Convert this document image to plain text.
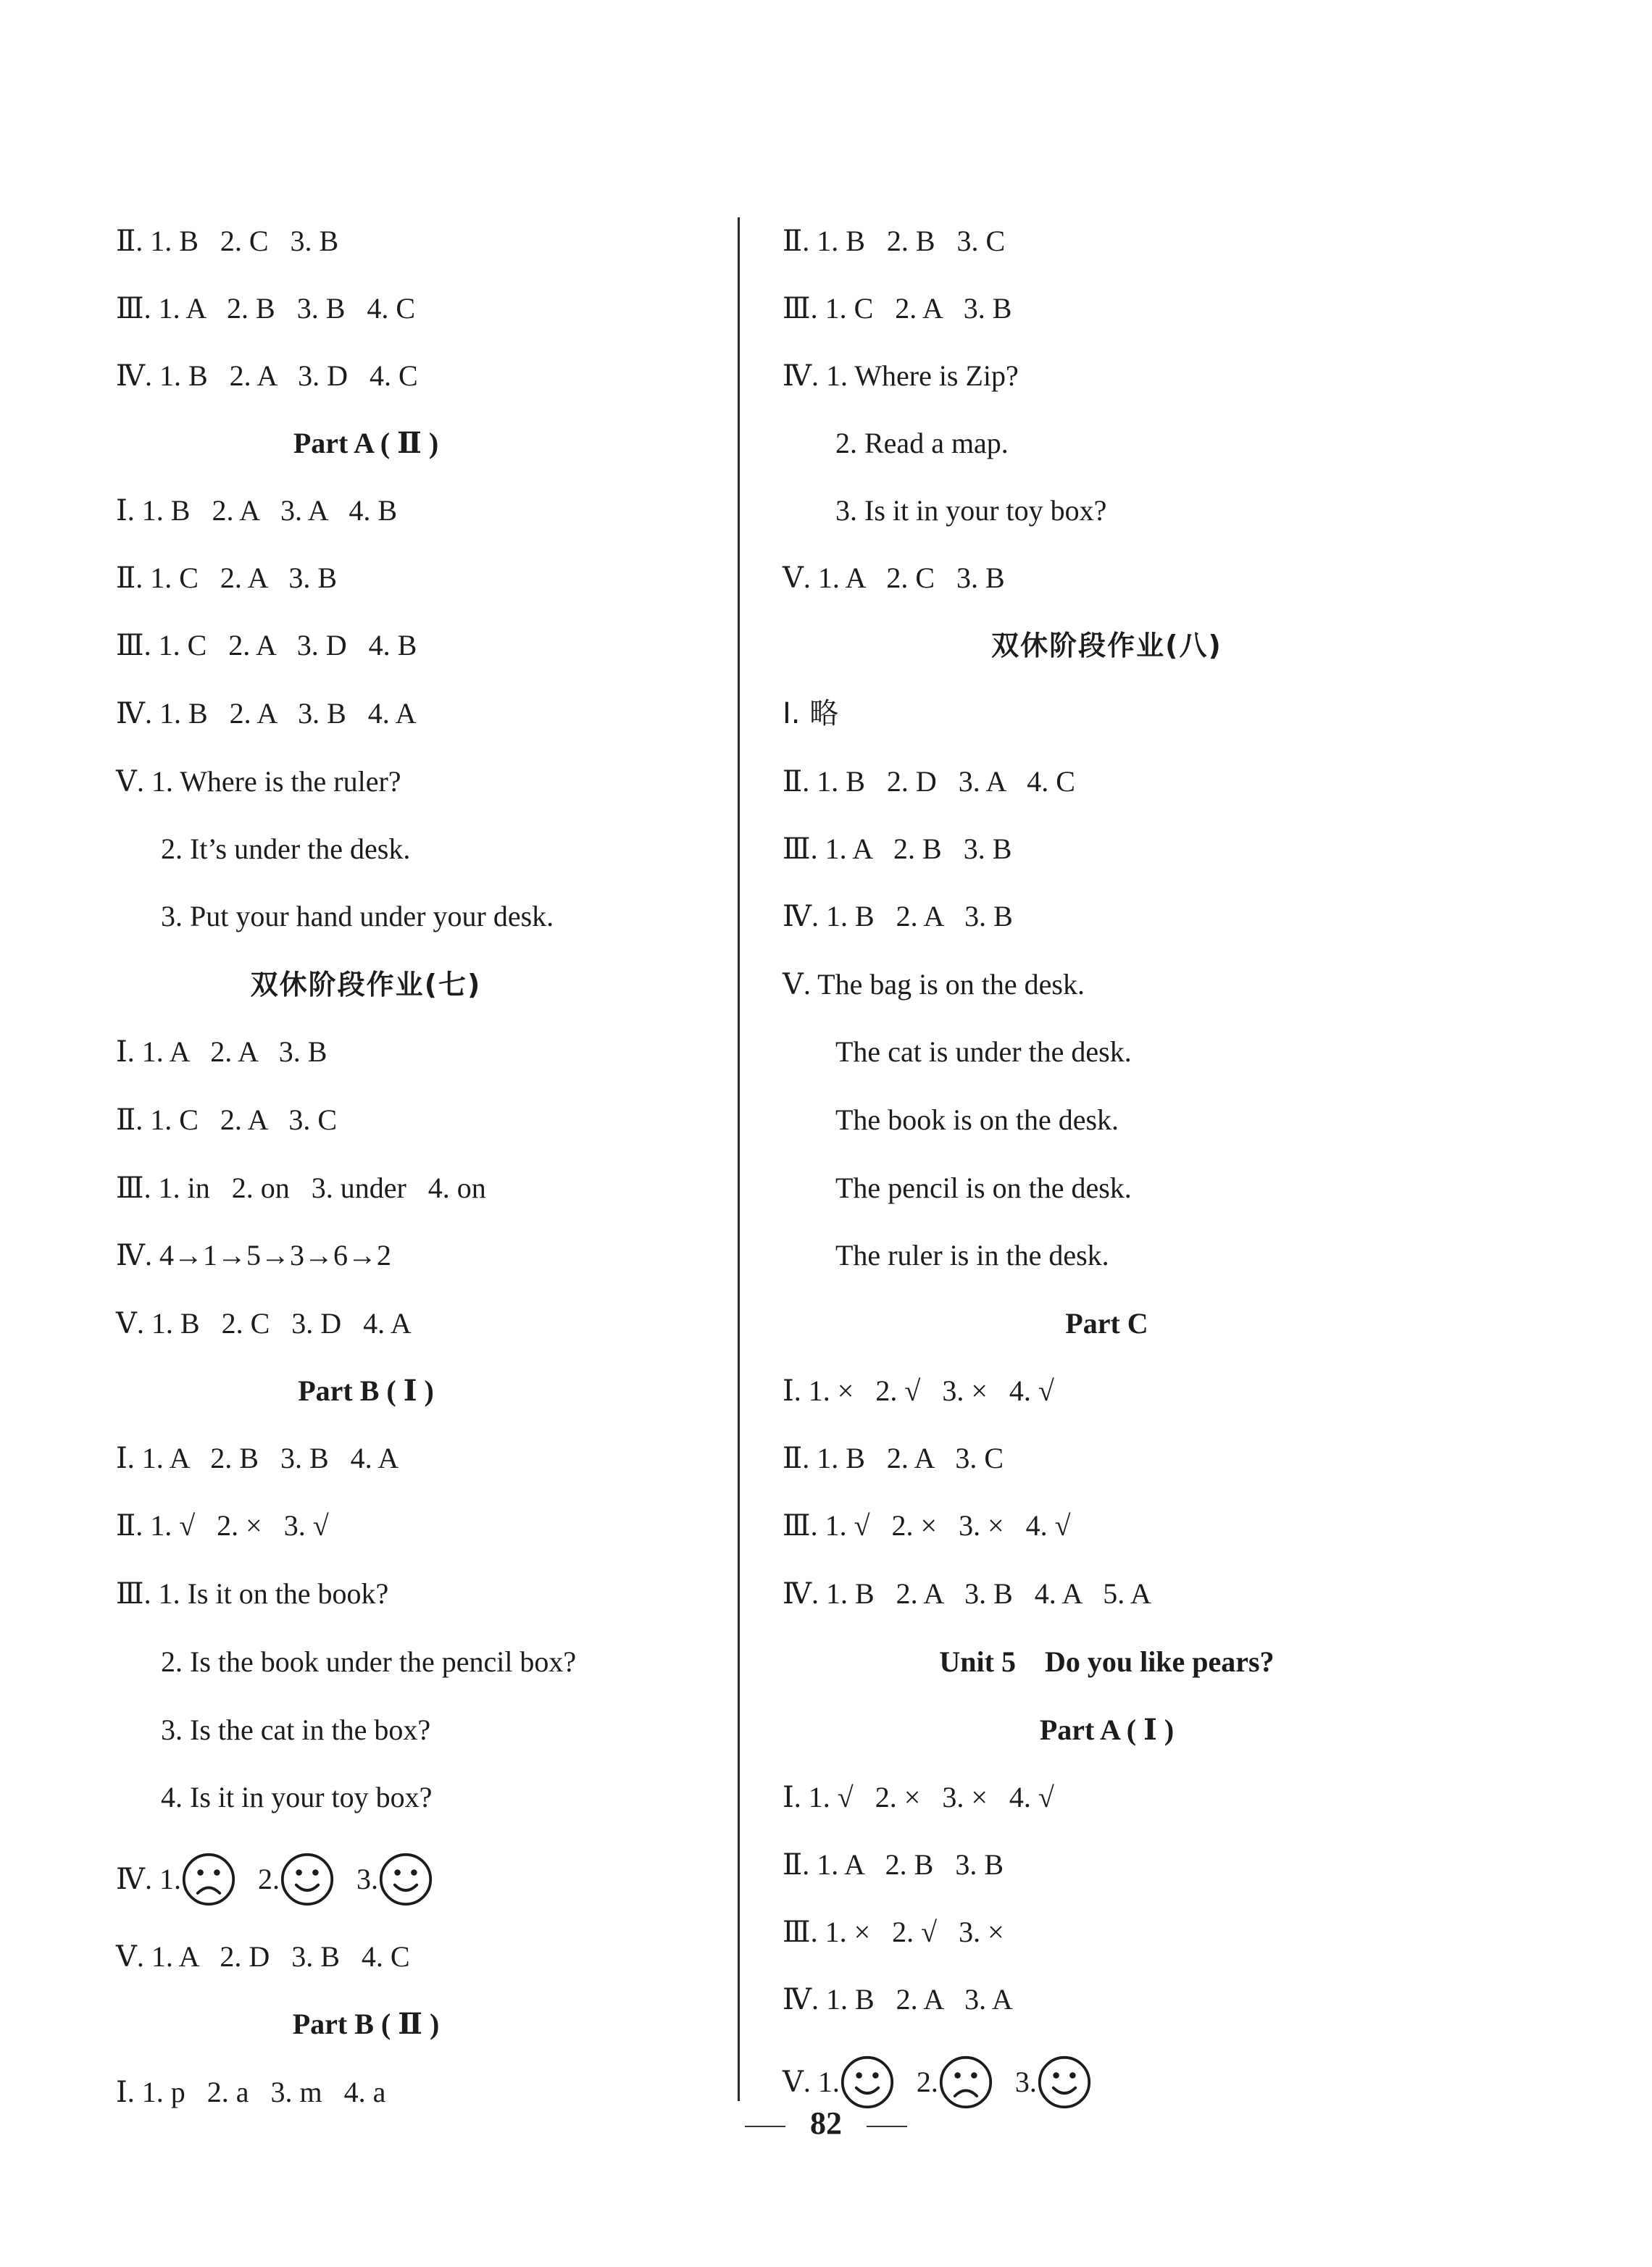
Ⅱ. 1. B   2. C   3. B
Ⅲ. 1. A   2. B   3. B   4. C
Ⅳ. 1. B   2. A   3. D   4. C
Part A ( Ⅱ )
Ⅰ. 1. B   2. A   3. A   4. B
Ⅱ. 1. C   2. A   3. B
Ⅲ. 1. C   2. A   3. D   4. B
Ⅳ. 1. B   2. A   3. B   4. A
Ⅴ. 1. Where is the ruler?
2. It’s under the desk.
3. Put your hand under your desk.
双休阶段作业(七)
Ⅰ. 1. A   2. A   3. B
Ⅱ. 1. C   2. A   3. C
Ⅲ. 1. in   2. on   3. under   4. on
Ⅳ. 4→1→5→3→6→2
Ⅴ. 1. B   2. C   3. D   4. A
Part B ( Ⅰ )
Ⅰ. 1. A   2. B   3. B   4. A
Ⅱ. 1. √   2. ×   3. √
Ⅲ. 1. Is it on the book?
2. Is the book under the pencil box?
3. Is the cat in the box?
4. Is it in your toy box?
Ⅳ. 1.	2.	3.
Ⅴ. 1. A   2. D   3. B   4. C
Part B ( Ⅱ )
Ⅰ. 1. p   2. a   3. m   4. a
Ⅱ. 1. B   2. B   3. C
Ⅲ. 1. C   2. A   3. B
Ⅳ. 1. Where is Zip?
2. Read a map.
3. Is it in your toy box?
Ⅴ. 1. A   2. C   3. B
双休阶段作业(八)
Ⅰ. 略
Ⅱ. 1. B   2. D   3. A   4. C
Ⅲ. 1. A   2. B   3. B
Ⅳ. 1. B   2. A   3. B
Ⅴ. The bag is on the desk.
The cat is under the desk.
The book is on the desk.
The pencil is on the desk.
The ruler is in the desk.
Part C
Ⅰ. 1. ×   2. √   3. ×   4. √
Ⅱ. 1. B   2. A   3. C
Ⅲ. 1. √   2. ×   3. ×   4. √
Ⅳ. 1. B   2. A   3. B   4. A   5. A
Unit 5    Do you like pears?
Part A ( Ⅰ )
Ⅰ. 1. √   2. ×   3. ×   4. √
Ⅱ. 1. A   2. B   3. B
Ⅲ. 1. ×   2. √   3. ×
Ⅳ. 1. B   2. A   3. A
Ⅴ. 1.	2.	3.
82
